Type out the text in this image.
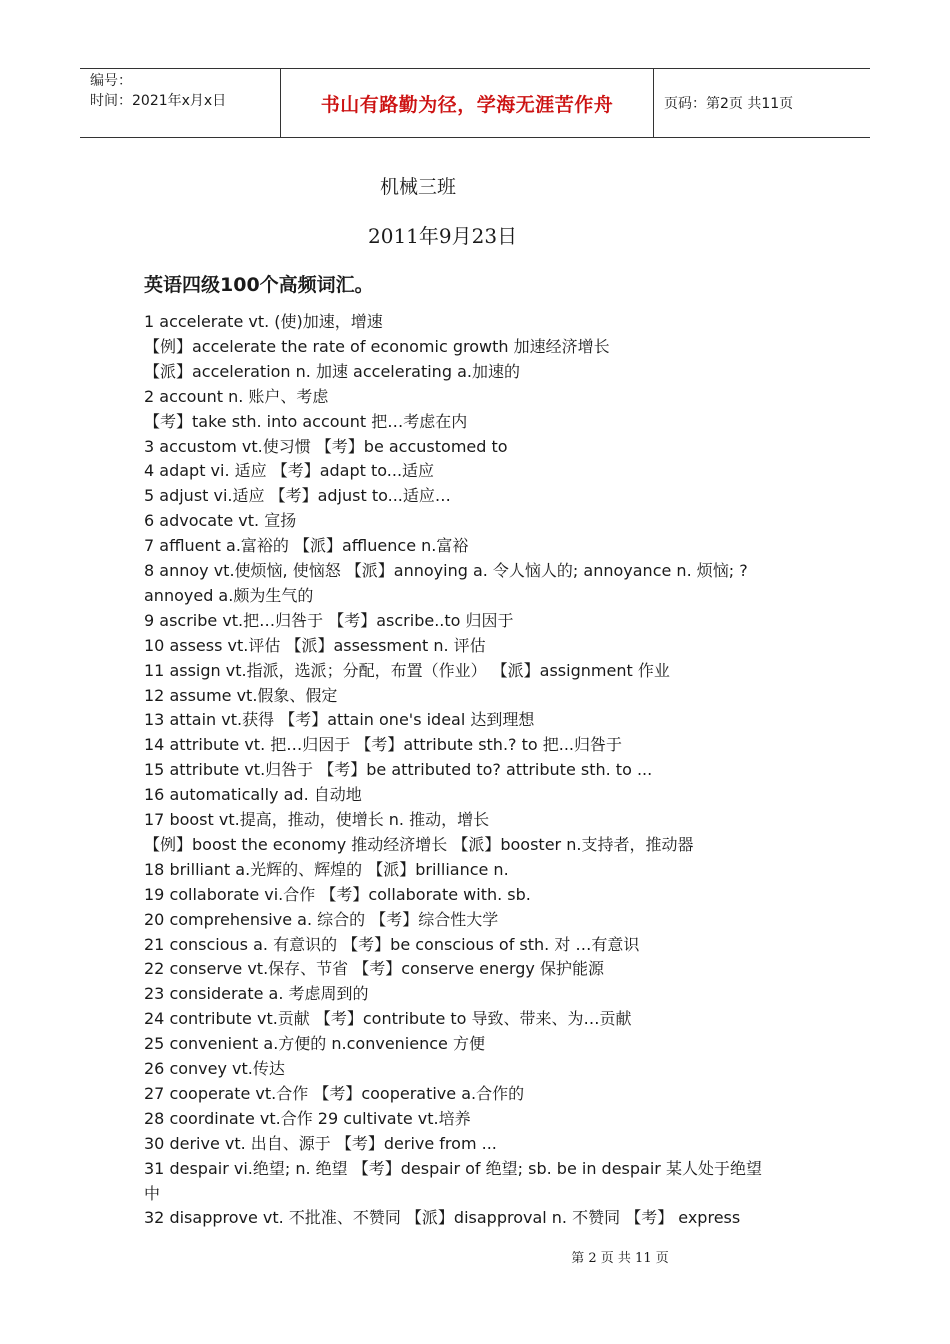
编号：
时间：2021年x月x日	书山有路勤为径，学海无涯苦作舟	页码：第2页 共11页
机械三班
2011年9月23日
英语四级100个高频词汇。
1 accelerate vt. (使)加速，增速
【例】accelerate the rate of economic growth 加速经济增长
【派】acceleration n. 加速 accelerating a.加速的
2 account n. 账户、考虑
【考】take sth. into account 把…考虑在内
3 accustom vt.使习惯 【考】be accustomed to
4 adapt vi. 适应 【考】adapt to...适应
5 adjust vi.适应 【考】adjust to...适应…
6 advocate vt. 宣扬
7 affluent a.富裕的 【派】affluence n.富裕
8 annoy vt.使烦恼, 使恼怒 【派】annoying a. 令人恼人的; annoyance n. 烦恼; ?
annoyed a.颇为生气的
9 ascribe vt.把…归咎于 【考】ascribe..to 归因于
10 assess vt.评估 【派】assessment n. 评估
11 assign vt.指派，选派；分配，布置（作业） 【派】assignment 作业
12 assume vt.假象、假定
13 attain vt.获得 【考】attain one's ideal 达到理想
14 attribute vt. 把…归因于 【考】attribute sth.? to 把...归咎于
15 attribute vt.归咎于 【考】be attributed to? attribute sth. to ...
16 automatically ad. 自动地
17 boost vt.提高，推动，使增长 n. 推动，增长
【例】boost the economy 推动经济增长 【派】booster n.支持者，推动器
18 brilliant a.光辉的、辉煌的 【派】brilliance n.
19 collaborate vi.合作 【考】collaborate with. sb.
20 comprehensive a. 综合的 【考】综合性大学
21 conscious a. 有意识的 【考】be conscious of sth. 对 …有意识
22 conserve vt.保存、节省 【考】conserve energy 保护能源
23 considerate a. 考虑周到的
24 contribute vt.贡献 【考】contribute to 导致、带来、为…贡献
25 convenient a.方便的 n.convenience 方便
26 convey vt.传达
27 cooperate vt.合作 【考】cooperative a.合作的
28 coordinate vt.合作 29 cultivate vt.培养
30 derive vt. 出自、源于 【考】derive from ...
31 despair vi.绝望; n. 绝望 【考】despair of 绝望; sb. be in despair 某人处于绝望
中
32 disapprove vt. 不批准、不赞同 【派】disapproval n. 不赞同 【考】 express
第 2 页 共 11 页
